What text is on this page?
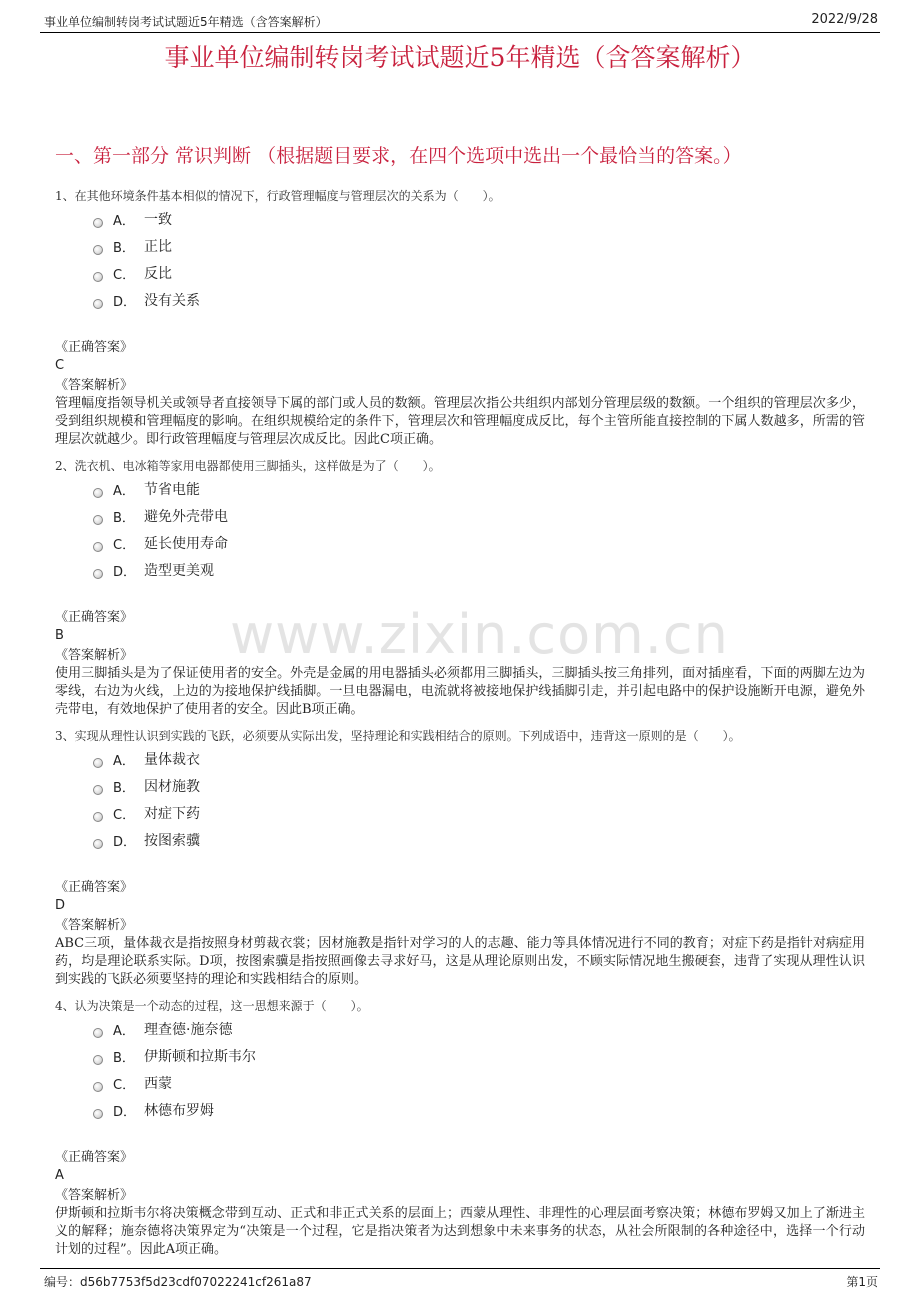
事业单位编制转岗考试试题近5年精选（含答案解析）	2022/9/28
事业单位编制转岗考试试题近5年精选（含答案解析）
一、第一部分 常识判断 （根据题目要求，在四个选项中选出一个最恰当的答案。）
www.zixin.com.cn
1、在其他环境条件基本相似的情况下，行政管理幅度与管理层次的关系为（　　）。
A． 一致
B． 正比
C． 反比
D． 没有关系
《正确答案》
C
《答案解析》
管理幅度指领导机关或领导者直接领导下属的部门或人员的数额。管理层次指公共组织内部划分管理层级的数额。一个组织的管理层次多少，受到组织规模和管理幅度的影响。在组织规模给定的条件下，管理层次和管理幅度成反比，每个主管所能直接控制的下属人数越多，所需的管理层次就越少。即行政管理幅度与管理层次成反比。因此C项正确。
2、洗衣机、电冰箱等家用电器都使用三脚插头，这样做是为了（　　）。
A． 节省电能
B． 避免外壳带电
C． 延长使用寿命
D． 造型更美观
《正确答案》
B
《答案解析》
使用三脚插头是为了保证使用者的安全。外壳是金属的用电器插头必须都用三脚插头，三脚插头按三角排列，面对插座看，下面的两脚左边为零线，右边为火线，上边的为接地保护线插脚。一旦电器漏电，电流就将被接地保护线插脚引走，并引起电路中的保护设施断开电源，避免外壳带电，有效地保护了使用者的安全。因此B项正确。
3、实现从理性认识到实践的飞跃，必须要从实际出发，坚持理论和实践相结合的原则。下列成语中，违背这一原则的是（　　）。
A． 量体裁衣
B． 因材施教
C． 对症下药
D． 按图索骥
《正确答案》
D
《答案解析》
ABC三项，量体裁衣是指按照身材剪裁衣裳；因材施教是指针对学习的人的志趣、能力等具体情况进行不同的教育；对症下药是指针对病症用药，均是理论联系实际。D项，按图索骥是指按照画像去寻求好马，这是从理论原则出发，不顾实际情况地生搬硬套，违背了实现从理性认识到实践的飞跃必须要坚持的理论和实践相结合的原则。
4、认为决策是一个动态的过程，这一思想来源于（　　）。
A． 理查德·施奈德
B． 伊斯顿和拉斯韦尔
C． 西蒙
D． 林德布罗姆
《正确答案》
A
《答案解析》
伊斯顿和拉斯韦尔将决策概念带到互动、正式和非正式关系的层面上；西蒙从理性、非理性的心理层面考察决策；林德布罗姆又加上了渐进主义的解释；施奈德将决策界定为“决策是一个过程，它是指决策者为达到想象中未来事务的状态，从社会所限制的各种途径中，选择一个行动计划的过程”。因此A项正确。
编号：d56b7753f5d23cdf07022241cf261a87	第1页
